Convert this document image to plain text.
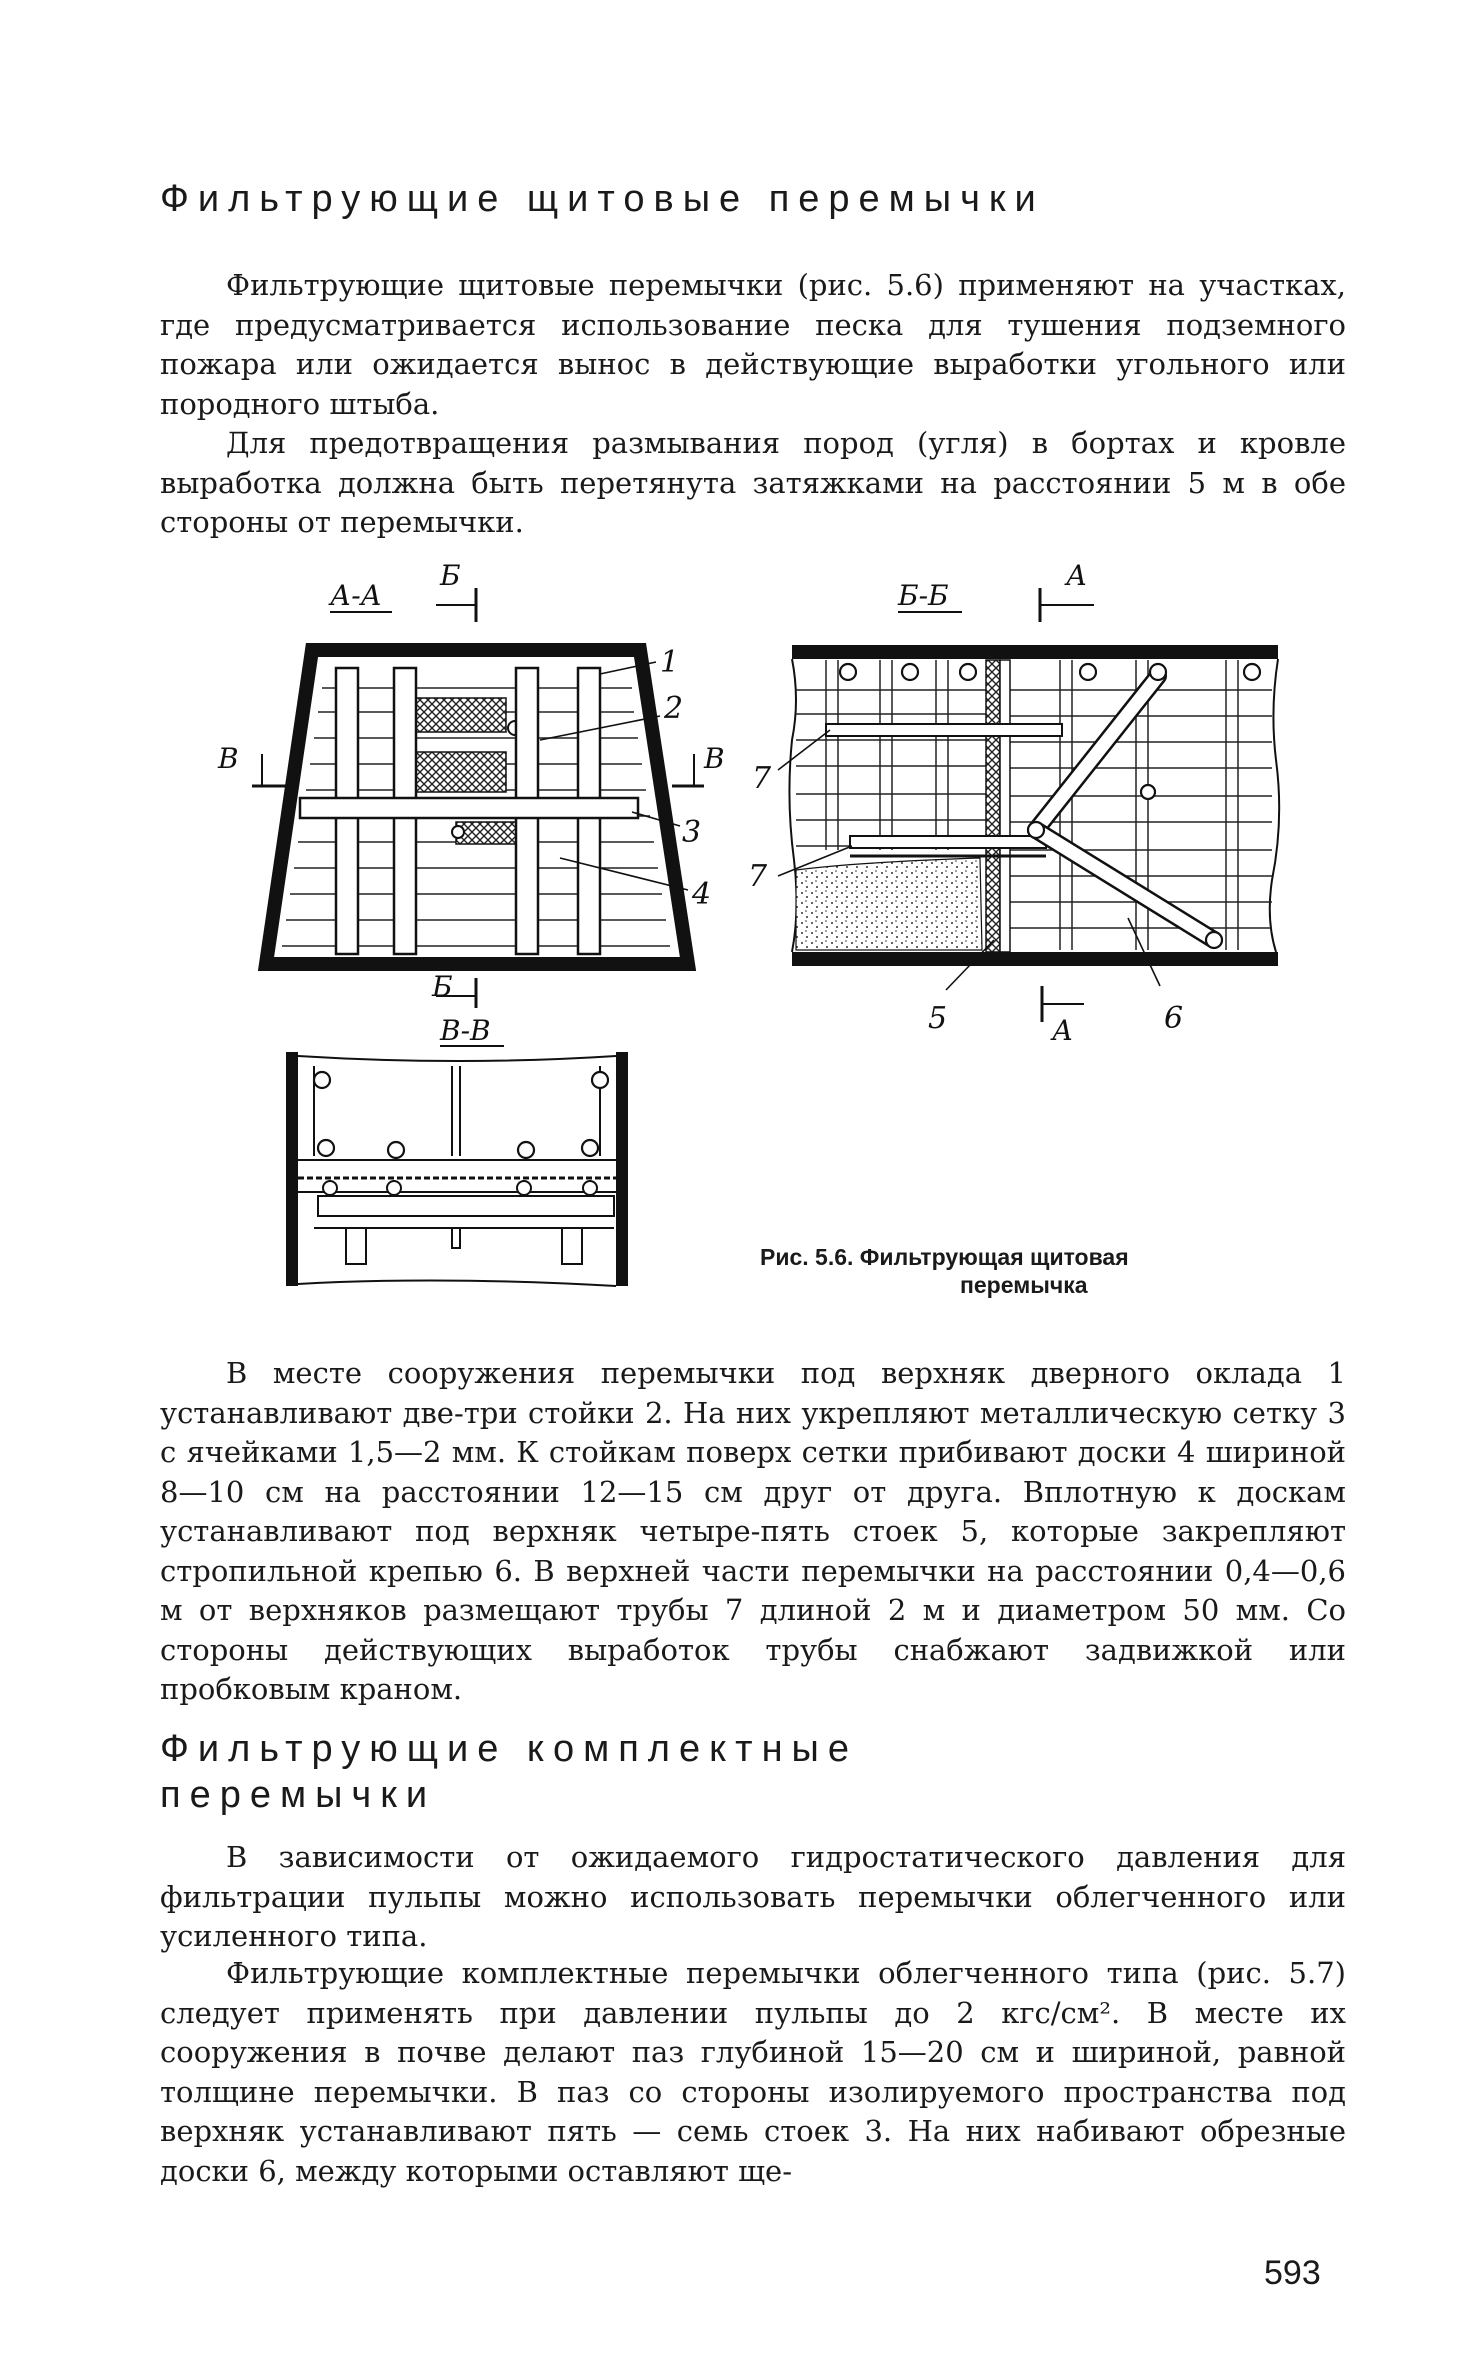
Фильтрующие щитовые перемычки

Фильтрующие щитовые перемычки (рис. 5.6) применяют на участках, где предусматривается использование песка для тушения подземного пожара или ожидается вынос в действующие выработки угольного или породного штыба.

Для предотвращения размывания пород (угля) в бортах и кровле выработка должна быть перетянута затяжками на расстоянии 5 м в обе стороны от перемычки.

А-А
Б
1
2
3
4
В	В
Б
Б-Б
А
7
7
5	6
А
В-В

Рис. 5.6. Фильтрующая щитовая
перемычка

В месте сооружения перемычки под верхняк дверного оклада 1 устанавливают две-три стойки 2. На них укрепляют металлическую сетку 3 с ячейками 1,5—2 мм. К стойкам поверх сетки прибивают доски 4 шириной 8—10 см на расстоянии 12—15 см друг от друга. Вплотную к доскам устанавливают под верхняк четыре-пять стоек 5, которые закрепляют стропильной крепью 6. В верхней части перемычки на расстоянии 0,4—0,6 м от верхняков размещают трубы 7 длиной 2 м и диаметром 50 мм. Со стороны действующих выработок трубы снабжают задвижкой или пробковым краном.

Фильтрующие комплектные
перемычки

В зависимости от ожидаемого гидростатического давления для фильтрации пульпы можно использовать перемычки облегченного или усиленного типа.

Фильтрующие комплектные перемычки облегченного типа (рис. 5.7) следует применять при давлении пульпы до 2 кгс/см². В месте их сооружения в почве делают паз глубиной 15—20 см и шириной, равной толщине перемычки. В паз со стороны изолируемого пространства под верхняк устанавливают пять — семь стоек 3. На них набивают обрезные доски 6, между которыми оставляют ще-

593
